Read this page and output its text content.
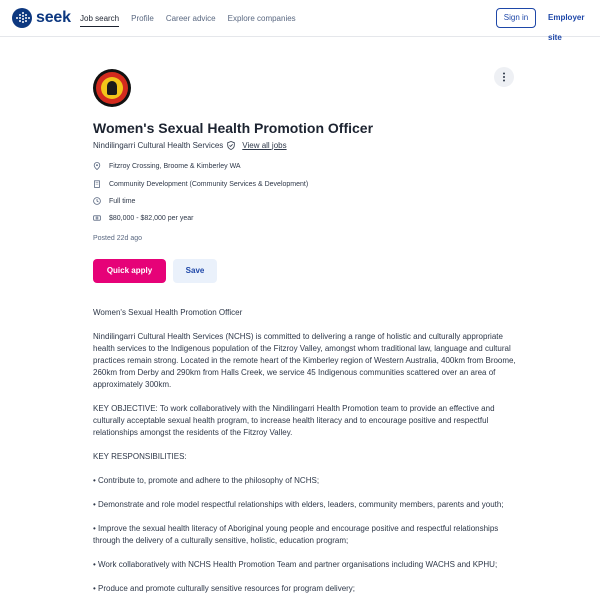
seek Job search Profile Career advice Explore companies	Sign in	Employer site
Women's Sexual Health Promotion Officer
Nindilingarri Cultural Health Services View all jobs
Fitzroy Crossing, Broome & Kimberley WA
Community Development (Community Services & Development)
Full time
$80,000 - $82,000 per year
Posted 22d ago
Quick apply	Save

Women's Sexual Health Promotion Officer

Nindilingarri Cultural Health Services (NCHS) is committed to delivering a range of holistic and culturally appropriate health services to the Indigenous population of the Fitzroy Valley, amongst whom traditional law, language and cultural practices remain strong. Located in the remote heart of the Kimberley region of Western Australia, 400km from Broome, 260km from Derby and 290km from Halls Creek, we service 45 Indigenous communities scattered over an area of approximately 300km.

KEY OBJECTIVE: To work collaboratively with the Nindilingarri Health Promotion team to provide an effective and culturally acceptable sexual health program, to increase health literacy and to encourage positive and respectful relationships amongst the residents of the Fitzroy Valley.

KEY RESPONSIBILITIES:

• Contribute to, promote and adhere to the philosophy of NCHS;

• Demonstrate and role model respectful relationships with elders, leaders, community members, parents and youth;

• Improve the sexual health literacy of Aboriginal young people and encourage positive and respectful relationships through the delivery of a culturally sensitive, holistic, education program;

• Work collaboratively with NCHS Health Promotion Team and partner organisations including WACHS and KPHU;

• Produce and promote culturally sensitive resources for program delivery;
